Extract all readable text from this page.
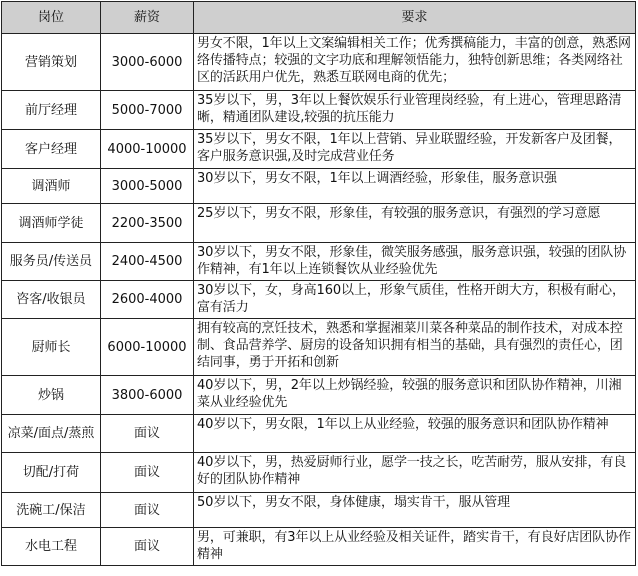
岗位	薪资	要求
营销策划	3000-6000	男女不限，1年以上文案编辑相关工作；优秀撰稿能力，丰富的创意，熟悉网络传播特点；较强的文字功底和理解领悟能力，独特创新思维；各类网络社区的活跃用户优先，熟悉互联网电商的优先；
前厅经理	5000-7000	35岁以下，男，3年以上餐饮娱乐行业管理岗经验，有上进心，管理思路清晰，精通团队建设,较强的抗压能力
客户经理	4000-10000	35岁以下，男女不限，1年以上营销、异业联盟经验，开发新客户及团餐，客户服务意识强,及时完成营业任务
调酒师	3000-5000	30岁以下，男女不限，1年以上调酒经验，形象佳，服务意识强
调酒师学徒	2200-3500	25岁以下，男女不限，形象佳，有较强的服务意识，有强烈的学习意愿
服务员/传送员	2400-4500	30岁以下，男女不限，形象佳，微笑服务感强，服务意识强，较强的团队协作精神，有1年以上连锁餐饮从业经验优先
咨客/收银员	2600-4000	30岁以下，女，身高160以上，形象气质佳，性格开朗大方，积极有耐心，富有活力
厨师长	6000-10000	拥有较高的烹饪技术，熟悉和掌握湘菜川菜各种菜品的制作技术，对成本控制、食品营养学、厨房的设备知识拥有相当的基础，具有强烈的责任心，团结同事，勇于开拓和创新
炒锅	3800-6000	40岁以下，男，2年以上炒锅经验，较强的服务意识和团队协作精神，川湘菜从业经验优先
凉菜/面点/蒸煎	面议	40岁以下，男女限，1年以上从业经验，较强的服务意识和团队协作精神
切配/打荷	面议	40岁以下，男，热爱厨师行业，愿学一技之长，吃苦耐劳，服从安排，有良好的团队协作精神
洗碗工/保洁	面议	50岁以下，男女不限，身体健康，塌实肯干，服从管理
水电工程	面议	男，可兼职，有3年以上从业经验及相关证件，踏实肯干，有良好店团队协作精神
